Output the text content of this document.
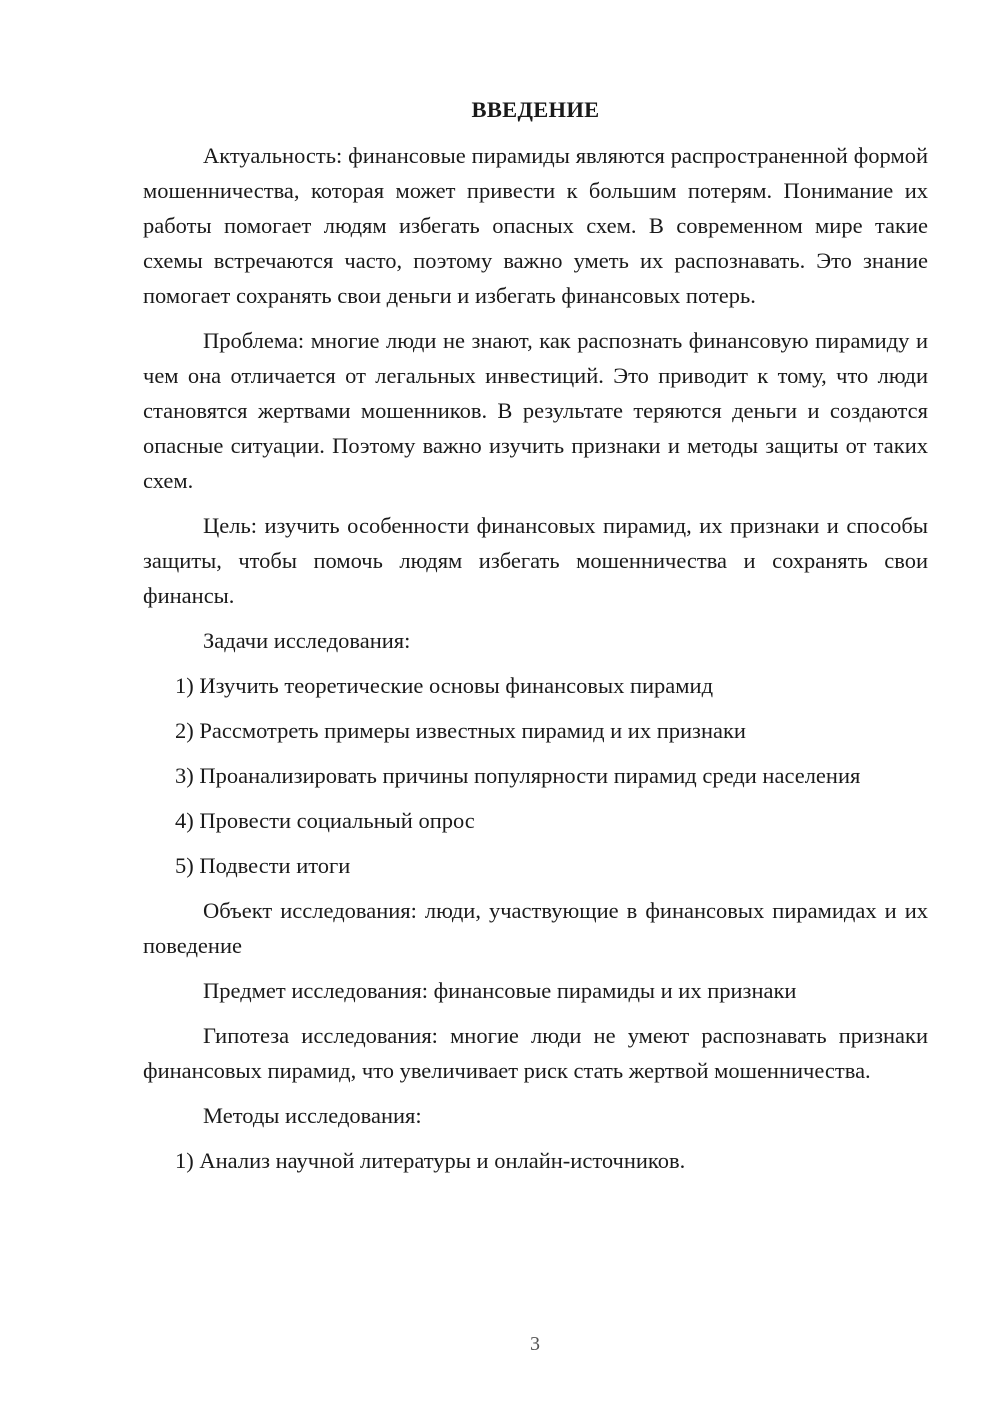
ВВЕДЕНИЕ

Актуальность: финансовые пирамиды являются распространенной формой мошенничества, которая может привести к большим потерям. Понимание их работы помогает людям избегать опасных схем. В современном мире такие схемы встречаются часто, поэтому важно уметь их распознавать. Это знание помогает сохранять свои деньги и избегать финансовых потерь.

Проблема: многие люди не знают, как распознать финансовую пирамиду и чем она отличается от легальных инвестиций. Это приводит к тому, что люди становятся жертвами мошенников. В результате теряются деньги и создаются опасные ситуации. Поэтому важно изучить признаки и методы защиты от таких схем.

Цель: изучить особенности финансовых пирамид, их признаки и способы защиты, чтобы помочь людям избегать мошенничества и сохранять свои финансы.

Задачи исследования:

1) Изучить теоретические основы финансовых пирамид

2) Рассмотреть примеры известных пирамид и их признаки

3) Проанализировать причины популярности пирамид среди населения

4) Провести социальный опрос

5) Подвести итоги

Объект исследования: люди, участвующие в финансовых пирамидах и их поведение

Предмет исследования: финансовые пирамиды и их признаки

Гипотеза исследования: многие люди не умеют распознавать признаки финансовых пирамид, что увеличивает риск стать жертвой мошенничества.

Методы исследования:

1) Анализ научной литературы и онлайн-источников.

3
